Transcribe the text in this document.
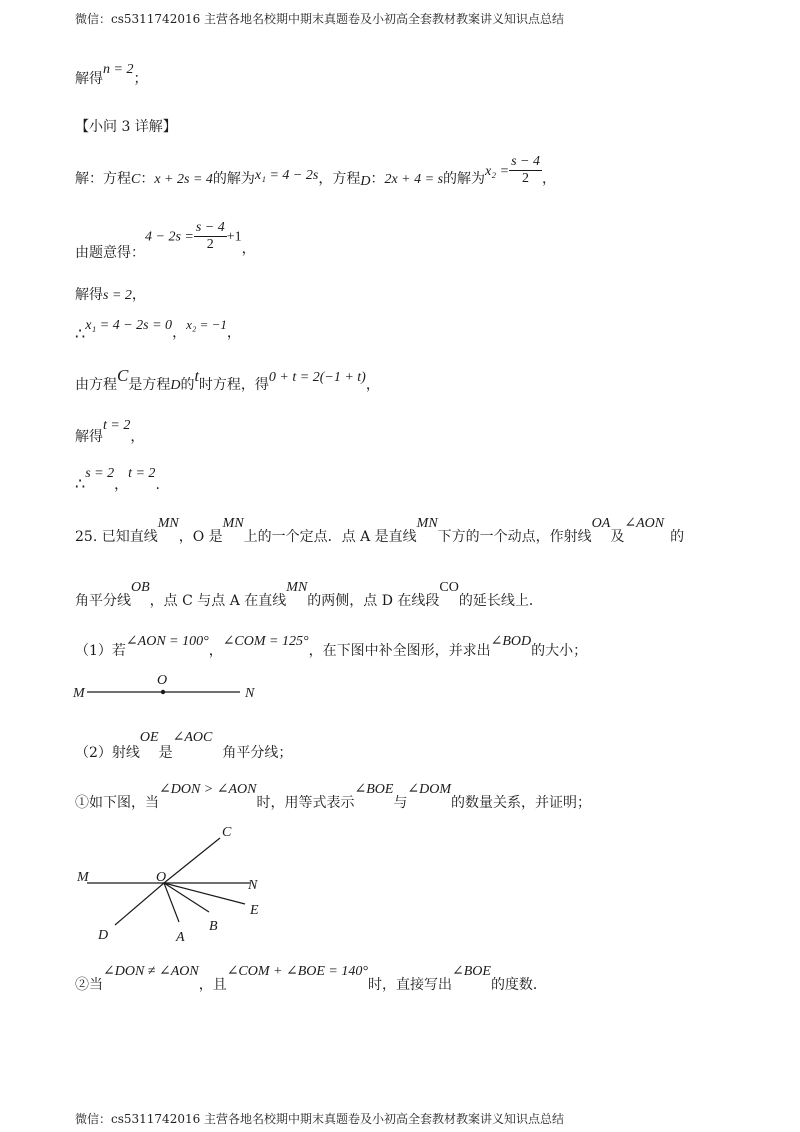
微信：cs5311742016 主营各地名校期中期末真题卷及小初高全套教材教案讲义知识点总结
解得n = 2；
【小问 3 详解】
解：方程C：x + 2s = 4的解为x₁ = 4 − 2s，方程D：2x + 4 = s的解为$x_2 = \frac{s - 4}{2}$ ，
由题意得：$4 - 2s = \frac{s - 4}{2} +1$，
解得s = 2，
∴x₁ = 4 − 2s = 0，x₂ = −1，
由方程C是方程D的t时方程，得0 + t = 2(−1 + t)，
解得t = 2，
∴s = 2，t = 2.
25. 已知直线MN，O 是MN上的一个定点．点 A 是直线MN下方的一个动点，作射线OA及∠AON的
角平分线OB，点 C 与点 A 在直线MN的两侧，点 D 在线段CO的延长线上．
（1）若∠AON = 100°，∠COM = 125°，在下图中补全图形，并求出∠BOD的大小；
M
O
N
（2）射线OE是∠AOC角平分线；
①如下图，当∠DON > ∠AON时，用等式表示∠BOE与∠DOM的数量关系，并证明；
M	O
N
C
D	A
B
E
②当∠DON ≠ ∠AON，且∠COM + ∠BOE = 140°时，直接写出∠BOE的度数．
微信：cs5311742016 主营各地名校期中期末真题卷及小初高全套教材教案讲义知识点总结
